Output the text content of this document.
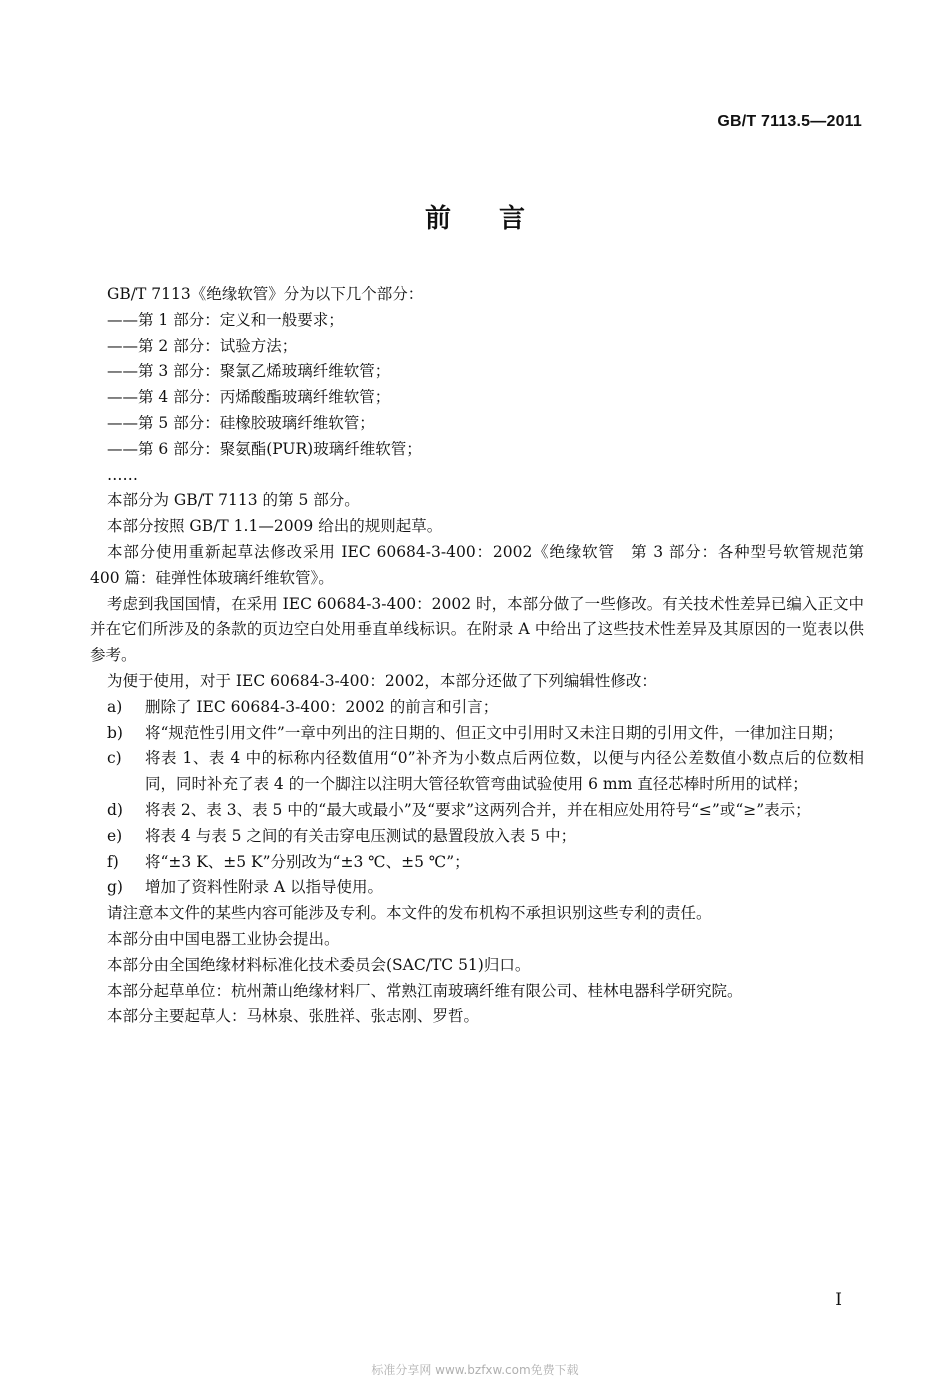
GB/T 7113.5—2011
前言
GB/T 7113《绝缘软管》分为以下几个部分：
——第 1 部分：定义和一般要求；
——第 2 部分：试验方法；
——第 3 部分：聚氯乙烯玻璃纤维软管；
——第 4 部分：丙烯酸酯玻璃纤维软管；
——第 5 部分：硅橡胶玻璃纤维软管；
——第 6 部分：聚氨酯(PUR)玻璃纤维软管；
……
本部分为 GB/T 7113 的第 5 部分。
本部分按照 GB/T 1.1—2009 给出的规则起草。
本部分使用重新起草法修改采用 IEC 60684-3-400：2002《绝缘软管　第 3 部分：各种型号软管规范第 400 篇：硅弹性体玻璃纤维软管》。
考虑到我国国情，在采用 IEC 60684-3-400：2002 时，本部分做了一些修改。有关技术性差异已编入正文中并在它们所涉及的条款的页边空白处用垂直单线标识。在附录 A 中给出了这些技术性差异及其原因的一览表以供参考。
为便于使用，对于 IEC 60684-3-400：2002，本部分还做了下列编辑性修改：
a)	删除了 IEC 60684-3-400：2002 的前言和引言；
b)	将“规范性引用文件”一章中列出的注日期的、但正文中引用时又未注日期的引用文件，一律加注日期；
c)	将表 1、表 4 中的标称内径数值用“0”补齐为小数点后两位数，以便与内径公差数值小数点后的位数相同，同时补充了表 4 的一个脚注以注明大管径软管弯曲试验使用 6 mm 直径芯棒时所用的试样；
d)	将表 2、表 3、表 5 中的“最大或最小”及“要求”这两列合并，并在相应处用符号“≤”或“≥”表示；
e)	将表 4 与表 5 之间的有关击穿电压测试的悬置段放入表 5 中；
f)	将“±3 K、±5 K”分别改为“±3 ℃、±5 ℃”；
g)	增加了资料性附录 A 以指导使用。
请注意本文件的某些内容可能涉及专利。本文件的发布机构不承担识别这些专利的责任。
本部分由中国电器工业协会提出。
本部分由全国绝缘材料标准化技术委员会(SAC/TC 51)归口。
本部分起草单位：杭州萧山绝缘材料厂、常熟江南玻璃纤维有限公司、桂林电器科学研究院。
本部分主要起草人：马林泉、张胜祥、张志刚、罗哲。
I
标准分享网 www.bzfxw.com免费下载
